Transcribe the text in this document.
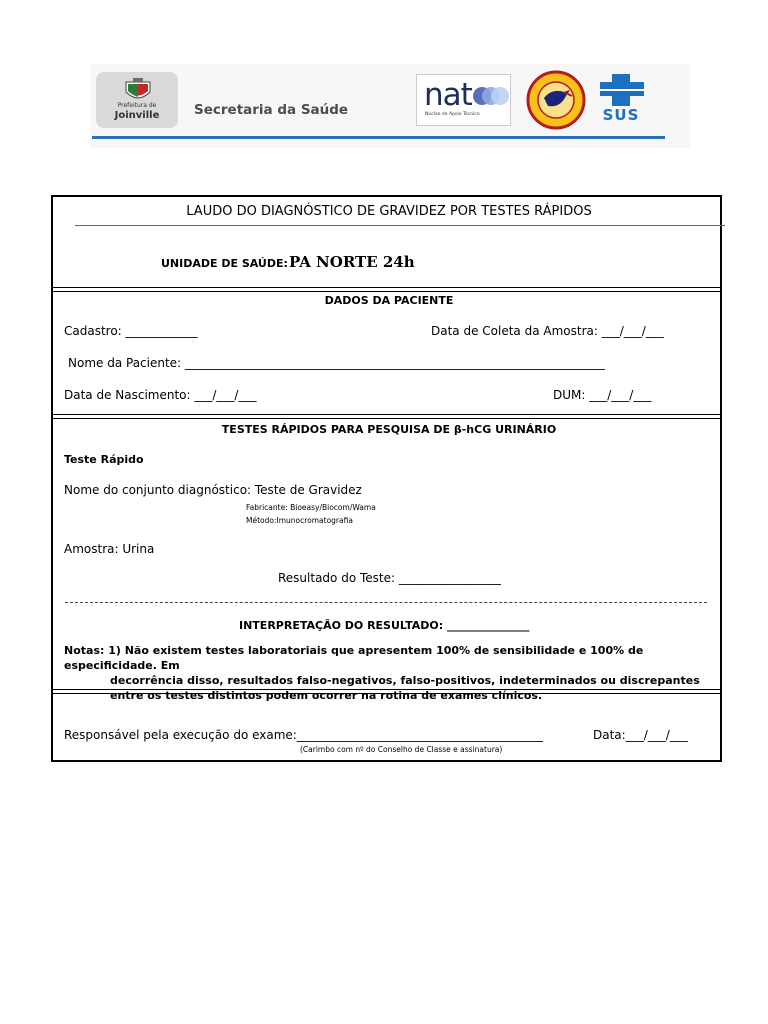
Prefeitura de
Joinville	Secretaria da Saúde nat
Núcleo de Apoio Técnico	SUS
LAUDO DO DIAGNÓSTICO DE GRAVIDEZ POR TESTES RÁPIDOS
UNIDADE DE SAÚDE: PA NORTE 24h
DADOS DA PACIENTE
Cadastro: ____________	Data de Coleta da Amostra: ___/___/___
Nome da Paciente: ______________________________________________________________________
Data de Nascimento: ___/___/___	DUM: ___/___/___
TESTES RÁPIDOS PARA PESQUISA DE β-hCG URINÁRIO
Teste Rápido
Nome do conjunto diagnóstico: Teste de Gravidez
Fabricante: Bioeasy/Biocom/Wama
Método:Imunocromatografia
Amostra: Urina
Resultado do Teste: _________________
INTERPRETAÇÃO DO RESULTADO: _______________
Notas: 1) Não existem testes laboratoriais que apresentem 100% de sensibilidade e 100% de especificidade. Em
decorrência disso, resultados falso-negativos, falso-positivos, indeterminados ou discrepantes entre os testes distintos podem ocorrer na rotina de exames clínicos.
Responsável pela execução do exame:_________________________________________	Data:___/___/___
(Carimbo com nº do Conselho de Classe e assinatura)
